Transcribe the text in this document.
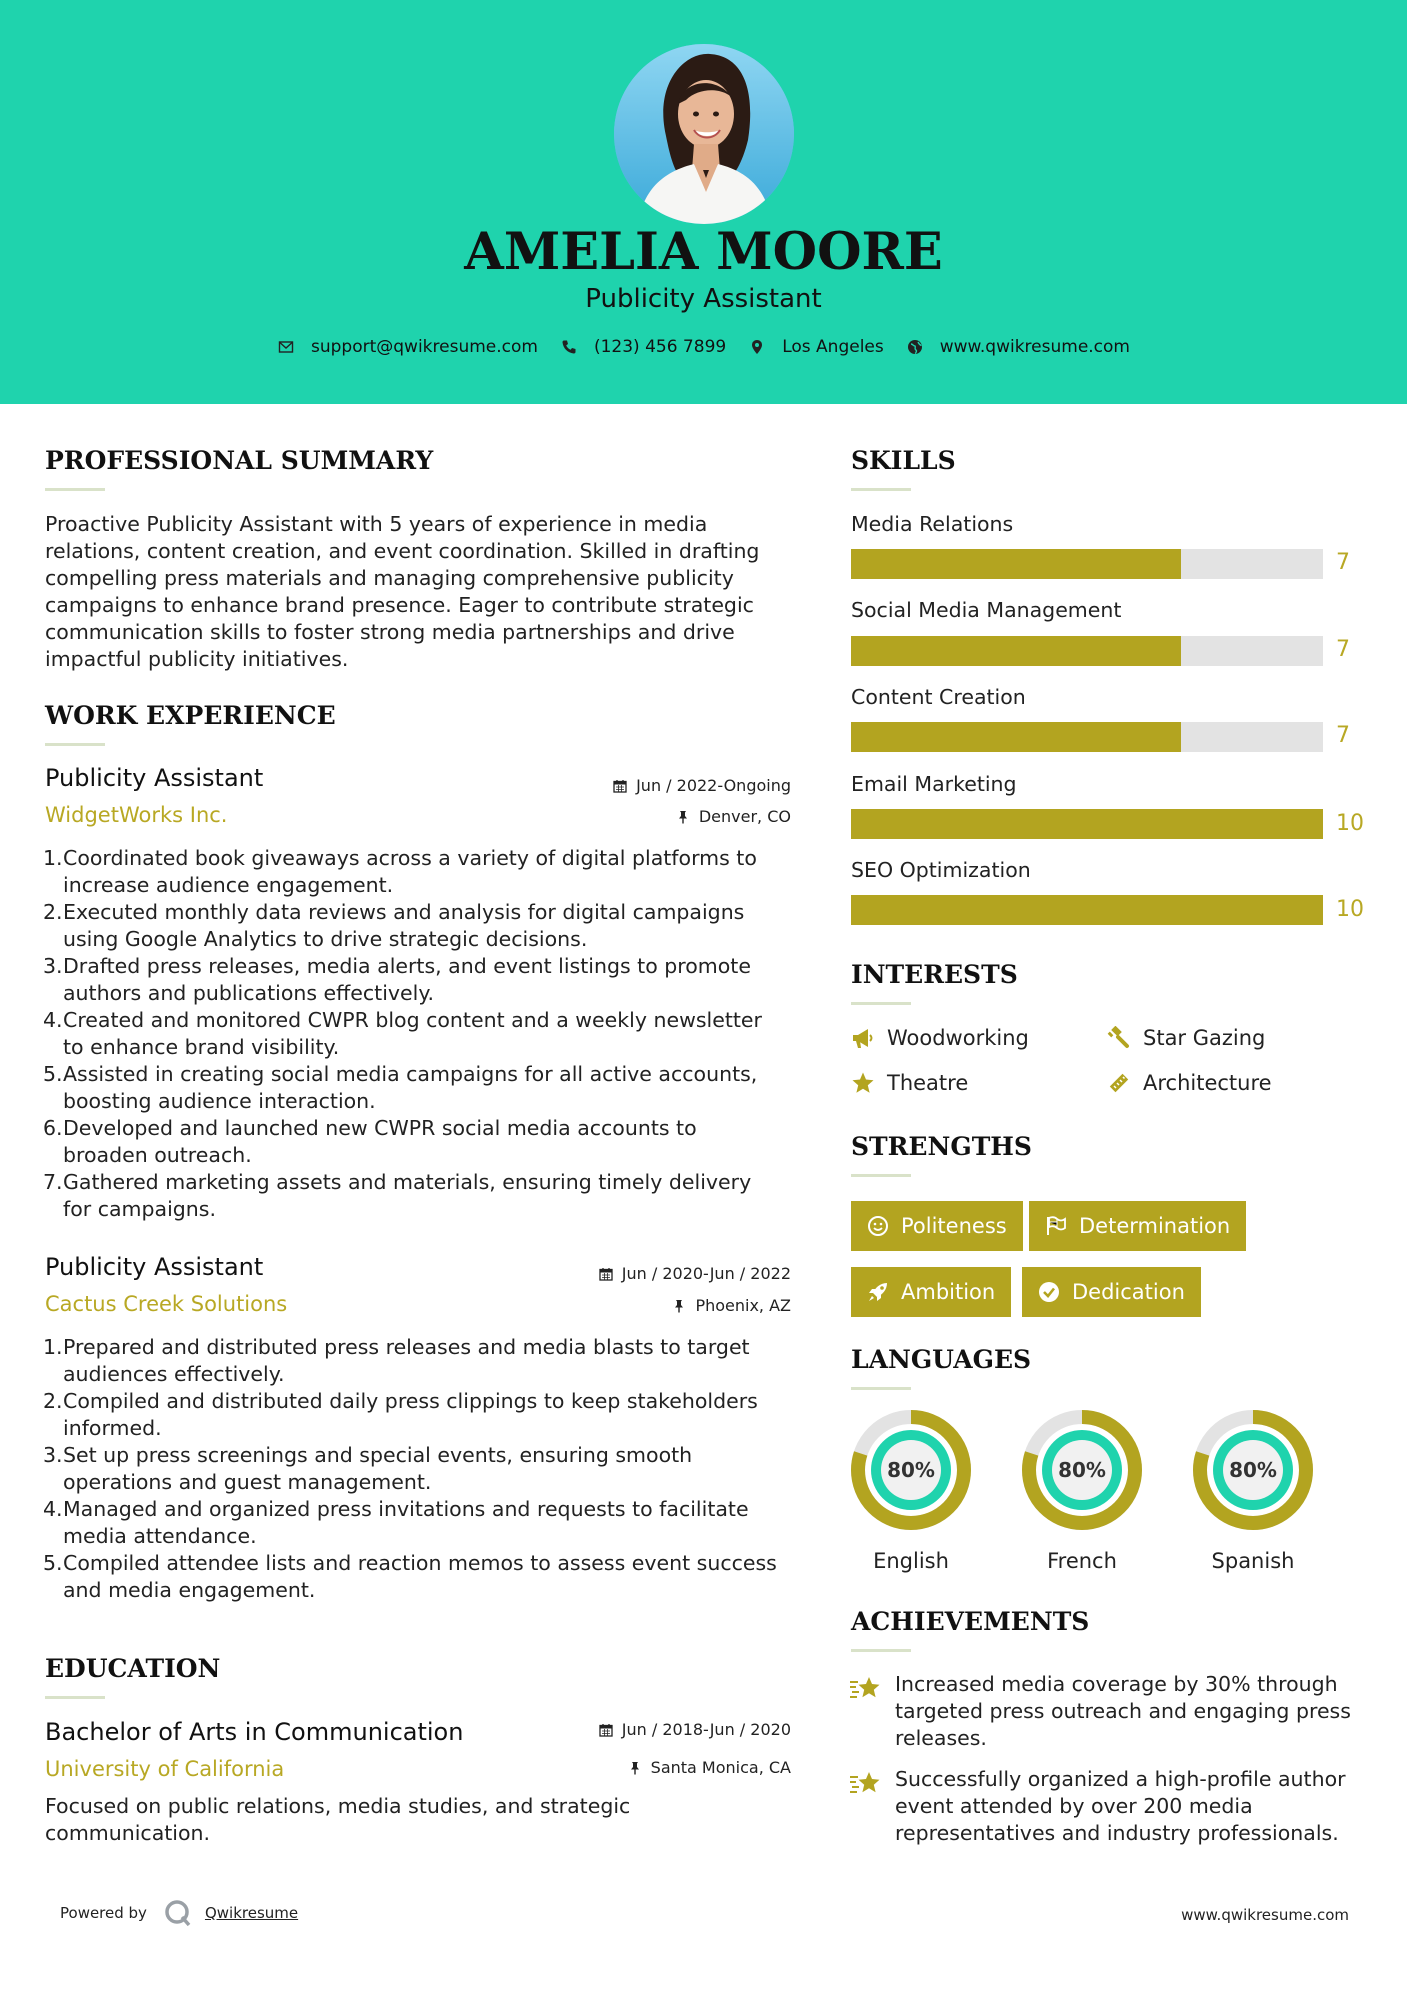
AMELIA MOORE
Publicity Assistant
support@qwikresume.com	(123) 456 7899	Los Angeles	www.qwikresume.com
PROFESSIONAL SUMMARY
Proactive Publicity Assistant with 5 years of experience in media
relations, content creation, and event coordination. Skilled in drafting
compelling press materials and managing comprehensive publicity
campaigns to enhance brand presence. Eager to contribute strategic
communication skills to foster strong media partnerships and drive
impactful publicity initiatives.
WORK EXPERIENCE
Publicity Assistant	Jun / 2022-Ongoing
WidgetWorks Inc.	Denver, CO
1. Coordinated book giveaways across a variety of digital platforms to
increase audience engagement.
2. Executed monthly data reviews and analysis for digital campaigns
using Google Analytics to drive strategic decisions.
3. Drafted press releases, media alerts, and event listings to promote
authors and publications effectively.
4. Created and monitored CWPR blog content and a weekly newsletter
to enhance brand visibility.
5. Assisted in creating social media campaigns for all active accounts,
boosting audience interaction.
6. Developed and launched new CWPR social media accounts to
broaden outreach.
7. Gathered marketing assets and materials, ensuring timely delivery
for campaigns.
Publicity Assistant	Jun / 2020-Jun / 2022
Cactus Creek Solutions	Phoenix, AZ
1. Prepared and distributed press releases and media blasts to target
audiences effectively.
2. Compiled and distributed daily press clippings to keep stakeholders
informed.
3. Set up press screenings and special events, ensuring smooth
operations and guest management.
4. Managed and organized press invitations and requests to facilitate
media attendance.
5. Compiled attendee lists and reaction memos to assess event success
and media engagement.
EDUCATION
Bachelor of Arts in Communication	Jun / 2018-Jun / 2020
University of California	Santa Monica, CA
Focused on public relations, media studies, and strategic
communication.
SKILLS
Media Relations
7
Social Media Management
7
Content Creation
7
Email Marketing
10
SEO Optimization
10
INTERESTS
Woodworking	Star Gazing
Theatre	Architecture
STRENGTHS
Politeness	Determination
Ambition	Dedication
LANGUAGES
80%
English
80%
French
80%
Spanish
ACHIEVEMENTS
Increased media coverage by 30% through
targeted press outreach and engaging press
releases.
Successfully organized a high-profile author
event attended by over 200 media
representatives and industry professionals.
Powered by	Qwikresume	www.qwikresume.com
